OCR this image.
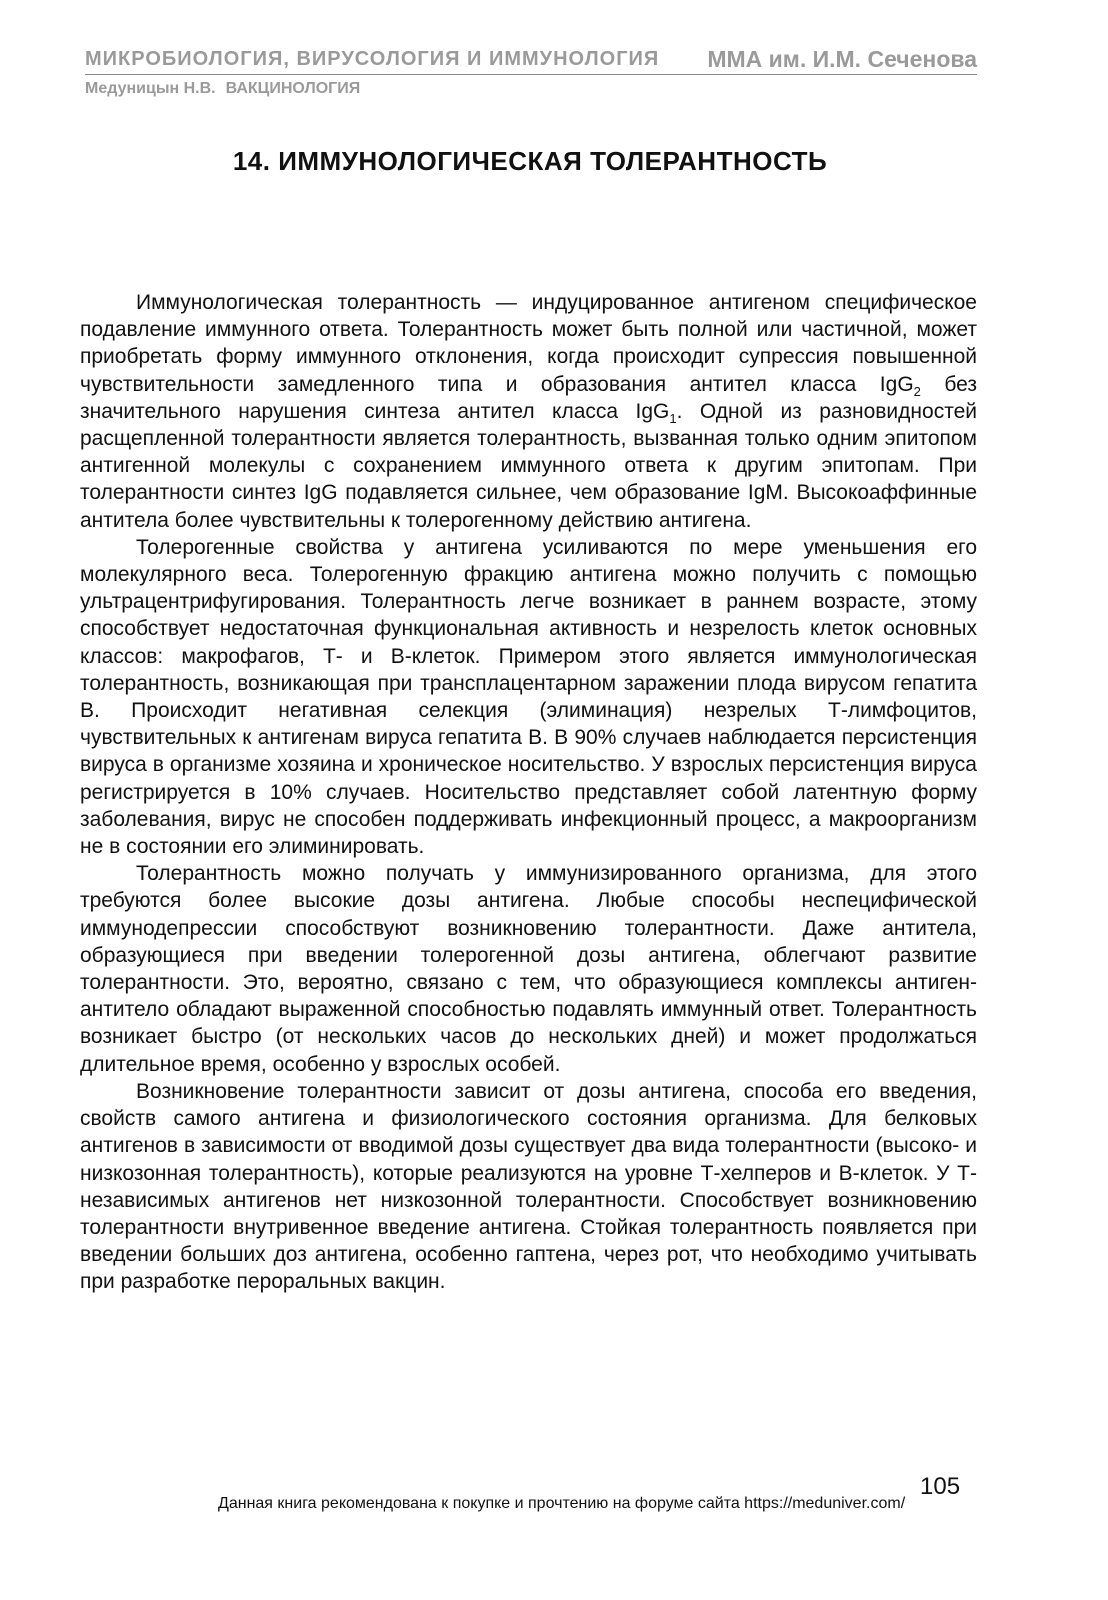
МИКРОБИОЛОГИЯ, ВИРУСОЛОГИЯ И ИММУНОЛОГИЯ ММА им. И.М. Сеченова
Медуницын Н.В. ВАКЦИНОЛОГИЯ
14. ИММУНОЛОГИЧЕСКАЯ ТОЛЕРАНТНОСТЬ

Иммунологическая толерантность — индуцированное антигеном специфическое подавление иммунного ответа. Толерантность может быть полной или частичной, может приобретать форму иммунного отклонения, когда происходит супрессия повышенной чувствительности замедленного типа и образования антител класса IgG$_2$ без значительного нарушения синтеза антител класса IgG$_1$. Одной из разновидностей расщепленной толерантности является толерантность, вызванная только одним эпитопом антигенной молекулы с сохранением иммунного ответа к другим эпитопам. При толерантности синтез IgG подавляется сильнее, чем образование IgM. Высокоаффинные антитела более чувствительны к толерогенному действию антигена.

Толерогенные свойства у антигена усиливаются по мере уменьшения его молекулярного веса. Толерогенную фракцию антигена можно получить с помощью ультрацентрифугирования. Толерантность легче возникает в раннем возрасте, этому способствует недостаточная функциональная активность и незрелость клеток основных классов: макрофагов, Т- и В-клеток. Примером этого является иммунологическая толерантность, возникающая при трансплацентарном заражении плода вирусом гепатита В. Происходит негативная селекция (элиминация) незрелых Т-лимфоцитов, чувствительных к антигенам вируса гепатита В. В 90% случаев наблюдается персистенция вируса в организме хозяина и хроническое носительство. У взрослых персистенция вируса регистрируется в 10% случаев. Носительство представляет собой латентную форму заболевания, вирус не способен поддерживать инфекционный процесс, а макроорганизм не в состоянии его элиминировать.

Толерантность можно получать у иммунизированного организма, для этого требуются более высокие дозы антигена. Любые способы неспецифической иммунодепрессии способствуют возникновению толерантности. Даже антитела, образующиеся при введении толерогенной дозы антигена, облегчают развитие толерантности. Это, вероятно, связано с тем, что образующиеся комплексы антиген-антитело обладают выраженной способностью подавлять иммунный ответ. Толерантность возникает быстро (от нескольких часов до нескольких дней) и может продолжаться длительное время, особенно у взрослых особей.

Возникновение толерантности зависит от дозы антигена, способа его введения, свойств самого антигена и физиологического состояния организма. Для белковых антигенов в зависимости от вводимой дозы существует два вида толерантности (высоко- и низкозонная толерантность), которые реализуются на уровне Т-хелперов и В-клеток. У Т-независимых антигенов нет низкозонной толерантности. Способствует возникновению толерантности внутривенное введение антигена. Стойкая толерантность появляется при введении больших доз антигена, особенно гаптена, через рот, что необходимо учитывать при разработке пероральных вакцин.

105
Данная книга рекомендована к покупке и прочтению на форуме сайта https://meduniver.com/
